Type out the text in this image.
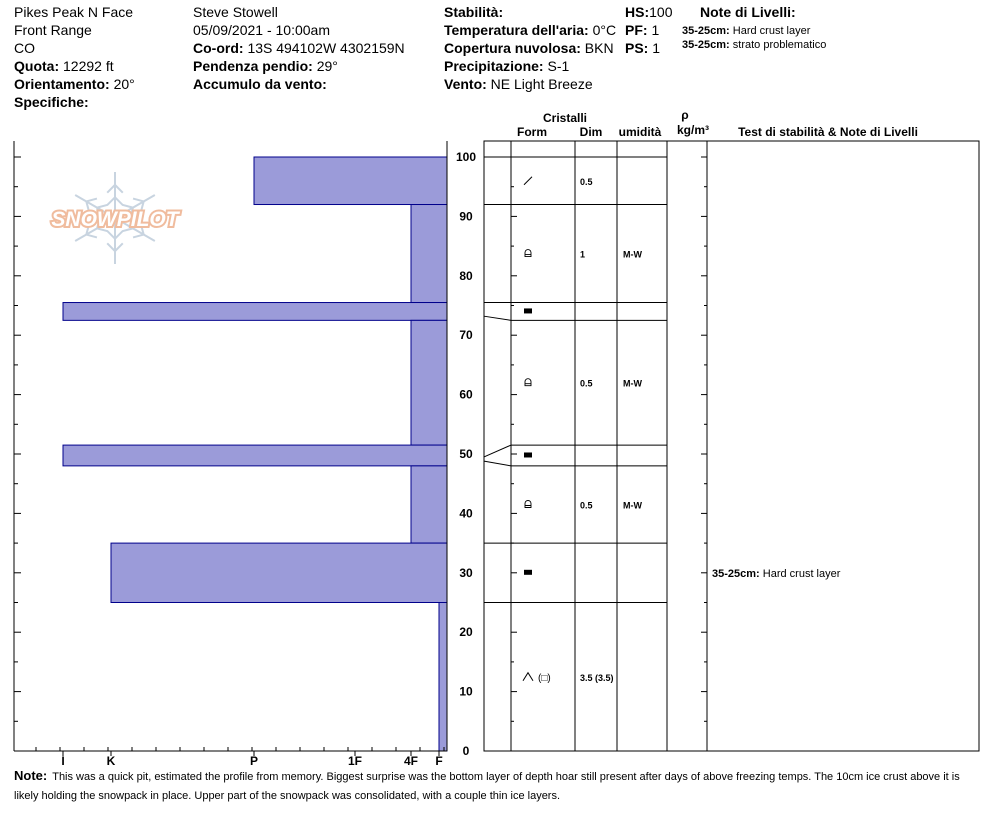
Pikes Peak N Face
Front Range
CO
Quota: 12292 ft
Orientamento: 20°
Specifiche:
Steve Stowell
05/09/2021 - 10:00am
Co-ord: 13S 494102W 4302159N
Pendenza pendio: 29°
Accumulo da vento:
Stabilità:
Temperatura dell'aria: 0°C
Copertura nuvolosa: BKN
Precipitazione: S-1
Vento: NE Light Breeze
HS:100
PF: 1
PS: 1
Note di Livelli:
35-25cm: Hard crust layer
35-25cm: strato problematico
Cristalli
Form	Dim umidità
ρ
kg/m³ Test di stabilità & Note di Livelli
SNOWPILOT
I	K	P	1F	4F F
0
10
20
30
40
50
60
70
80
90
100
0.5
1	M-W
0.5	M-W
0.5	M-W
(□)	3.5 (3.5)
35-25cm: Hard crust layer
Note: This was a quick pit, estimated the profile from memory. Biggest surprise was the bottom layer of depth hoar still present after days of above freezing temps. The 10cm ice crust above it is likely holding the snowpack in place. Upper part of the snowpack was consolidated, with a couple thin ice layers.
